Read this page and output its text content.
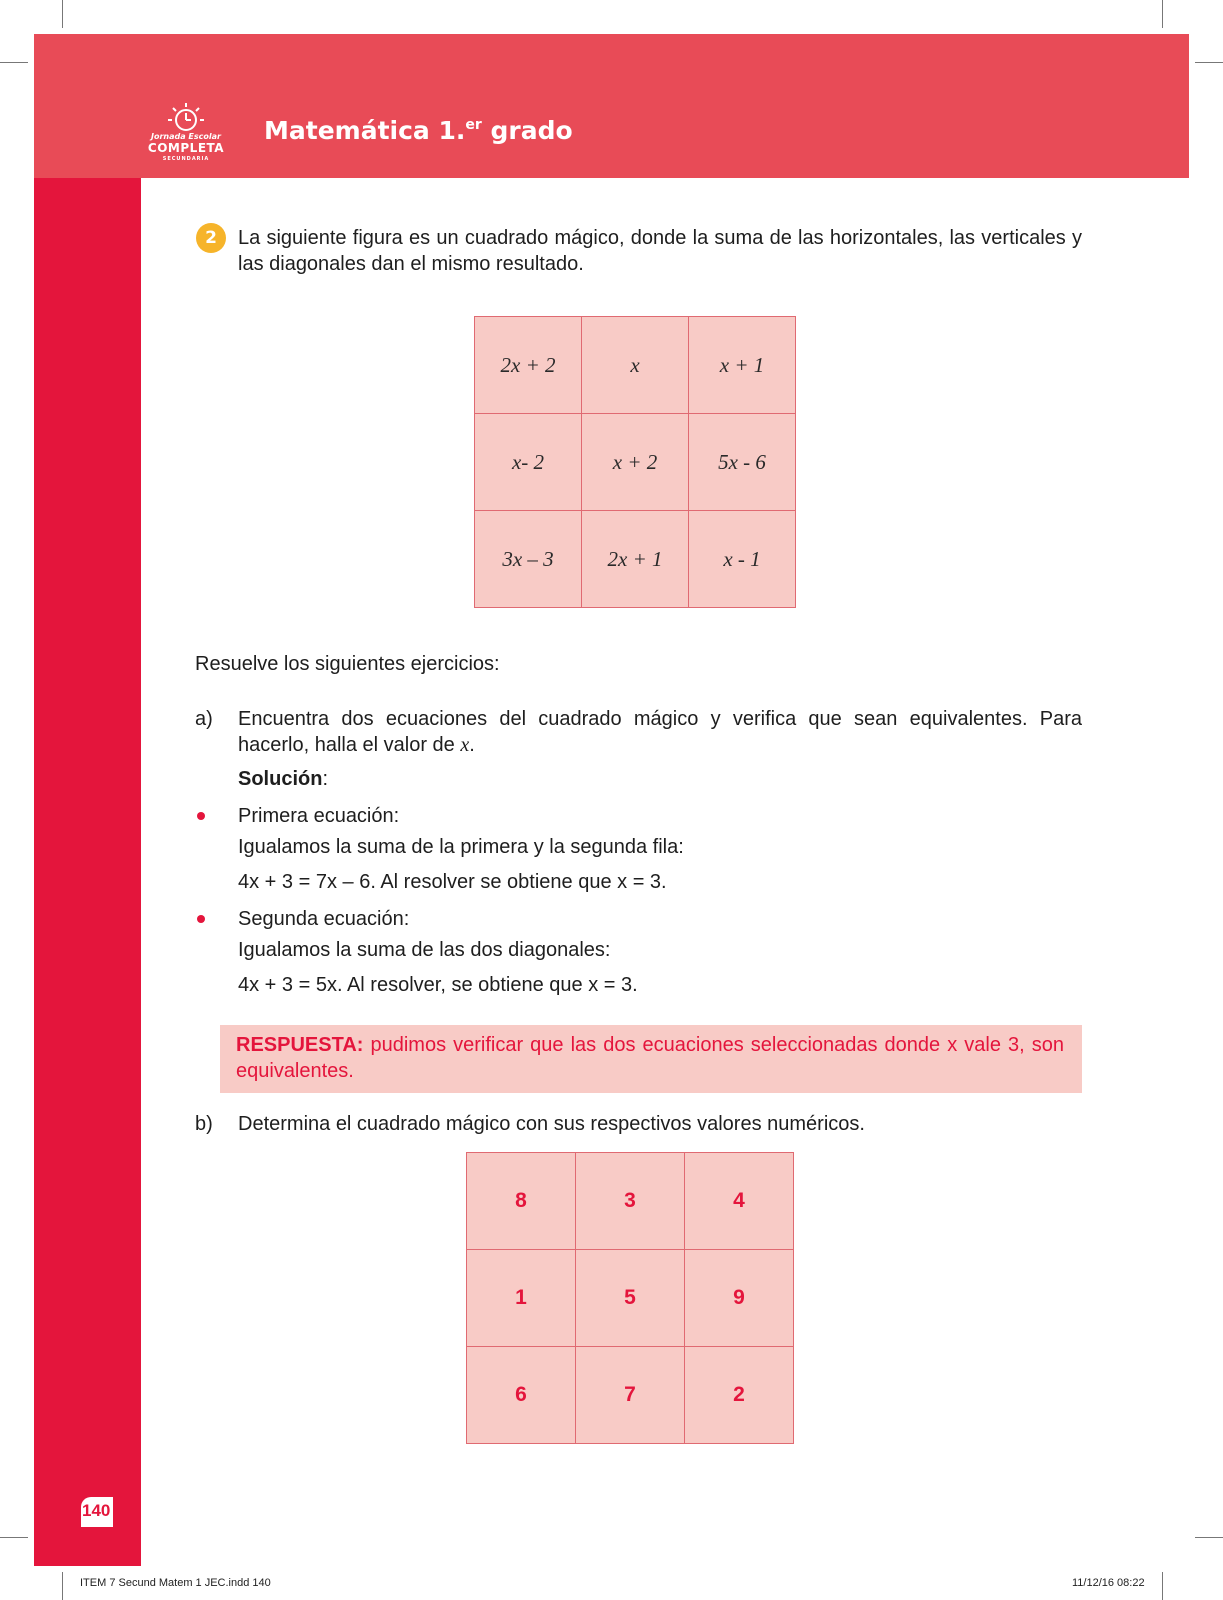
Jornada Escolar
COMPLETA
SECUNDARIA
Matemática 1.$^{er}$ grado
2	La siguiente figura es un cuadrado mágico, donde la suma de las horizontales, las verticales y las diagonales dan el mismo resultado.
2x + 2	x	x + 1
x- 2	x + 2	5x - 6
3x – 3	2x + 1	x - 1
Resuelve los siguientes ejercicios:
a) Encuentra dos ecuaciones del cuadrado mágico y verifica que sean equivalentes. Para hacerlo, halla el valor de x.
Solución:
Primera ecuación:
Igualamos la suma de la primera y la segunda fila:
4x + 3 = 7x – 6. Al resolver se obtiene que x = 3.
Segunda ecuación:
Igualamos la suma de las dos diagonales:
4x + 3 = 5x. Al resolver, se obtiene que x = 3.
RESPUESTA: pudimos verificar que las dos ecuaciones seleccionadas donde x vale 3, son equivalentes.
b) Determina el cuadrado mágico con sus respectivos valores numéricos.
8	3	4
1	5	9
6	7	2
140
ITEM 7 Secund Matem 1 JEC.indd 140	11/12/16 08:22
